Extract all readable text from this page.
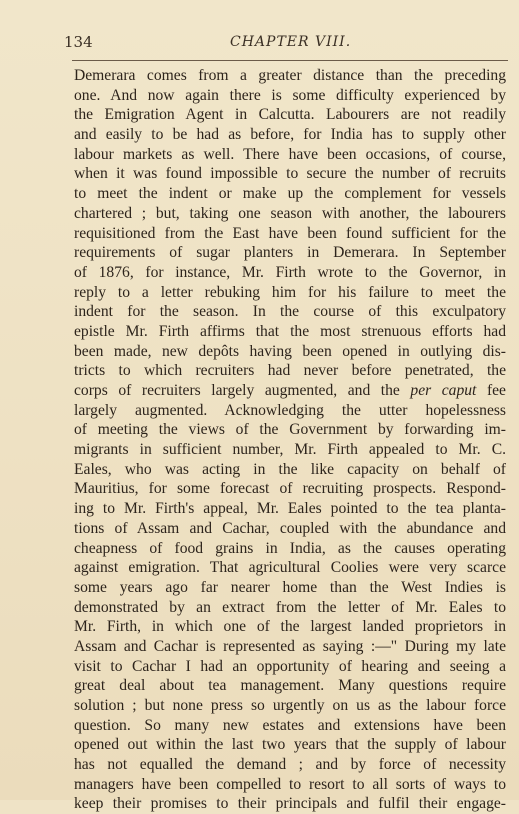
134	CHAPTER VIII.
Demerara comes from a greater distance than the preceding
one. And now again there is some difficulty experienced by
the Emigration Agent in Calcutta. Labourers are not readily
and easily to be had as before, for India has to supply other
labour markets as well. There have been occasions, of course,
when it was found impossible to secure the number of recruits
to meet the indent or make up the complement for vessels
chartered ; but, taking one season with another, the labourers
requisitioned from the East have been found sufficient for the
requirements of sugar planters in Demerara. In September
of 1876, for instance, Mr. Firth wrote to the Governor, in
reply to a letter rebuking him for his failure to meet the
indent for the season. In the course of this exculpatory
epistle Mr. Firth affirms that the most strenuous efforts had
been made, new depôts having been opened in outlying dis-
tricts to which recruiters had never before penetrated, the
corps of recruiters largely augmented, and the per caput fee
largely augmented. Acknowledging the utter hopelessness
of meeting the views of the Government by forwarding im-
migrants in sufficient number, Mr. Firth appealed to Mr. C.
Eales, who was acting in the like capacity on behalf of
Mauritius, for some forecast of recruiting prospects. Respond-
ing to Mr. Firth's appeal, Mr. Eales pointed to the tea planta-
tions of Assam and Cachar, coupled with the abundance and
cheapness of food grains in India, as the causes operating
against emigration. That agricultural Coolies were very scarce
some years ago far nearer home than the West Indies is
demonstrated by an extract from the letter of Mr. Eales to
Mr. Firth, in which one of the largest landed proprietors in
Assam and Cachar is represented as saying :—" During my late
visit to Cachar I had an opportunity of hearing and seeing a
great deal about tea management. Many questions require
solution ; but none press so urgently on us as the labour force
question. So many new estates and extensions have been
opened out within the last two years that the supply of labour
has not equalled the demand ; and by force of necessity
managers have been compelled to resort to all sorts of ways to
keep their promises to their principals and fulfil their engage-
